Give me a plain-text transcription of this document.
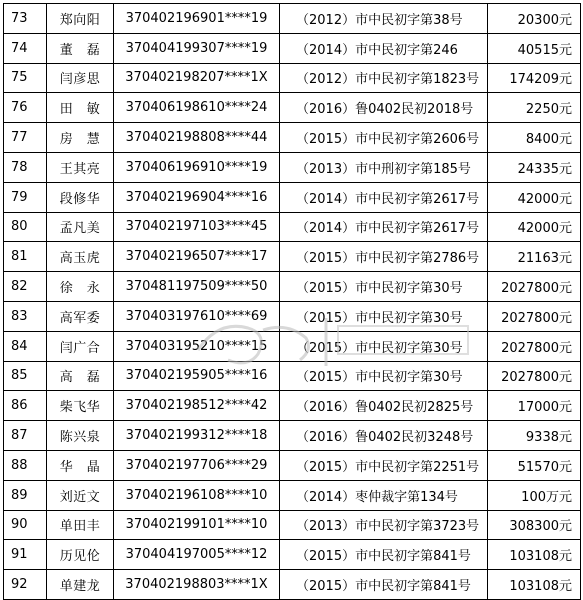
73	郑向阳	370402196901****19	（2012）市中民初字第38号	20300元
74	董　磊	370404199307****19	（2014）市中民初字第246	40515元
75	闫彦思	370402198207****1X	（2012）市中民初字第1823号	174209元
76	田　敏	370406198610****24	（2016）鲁0402民初2018号	2250元
77	房　慧	370402198808****44	（2015）市中民初字第2606号	8400元
78	王其亮	370406196910****19	（2013）市中刑初字第185号	24335元
79	段修华	370402196904****16	（2014）市中民初字第2617号	42000元
80	孟凡美	370402197103****45	（2014）市中民初字第2617号	42000元
81	高玉虎	370402196507****17	（2015）市中民初字第2786号	21163元
82	徐　永	370481197509****50	（2015）市中民初字第30号	2027800元
83	高军委	370403197610****69	（2015）市中民初字第30号	2027800元
84	闫广合	370403195210****15	（2015）市中民初字第30号	2027800元
85	高　磊	370402195905****16	（2015）市中民初字第30号	2027800元
86	柴飞华	370402198512****42	（2016）鲁0402民初2825号	17000元
87	陈兴泉	370402199312****18	（2016）鲁0402民初3248号	9338元
88	华　晶	370402197706****29	（2015）市中民初字第2251号	51570元
89	刘近文	370402196108****10	（2014）枣仲裁字第134号	100万元
90	单田丰	370402199101****10	（2013）市中民初字第3723号	308300元
91	历见伦	370404197005****12	（2015）市中民初字第841号	103108元
92	单建龙	370402198803****1X	（2015）市中民初字第841号	103108元
